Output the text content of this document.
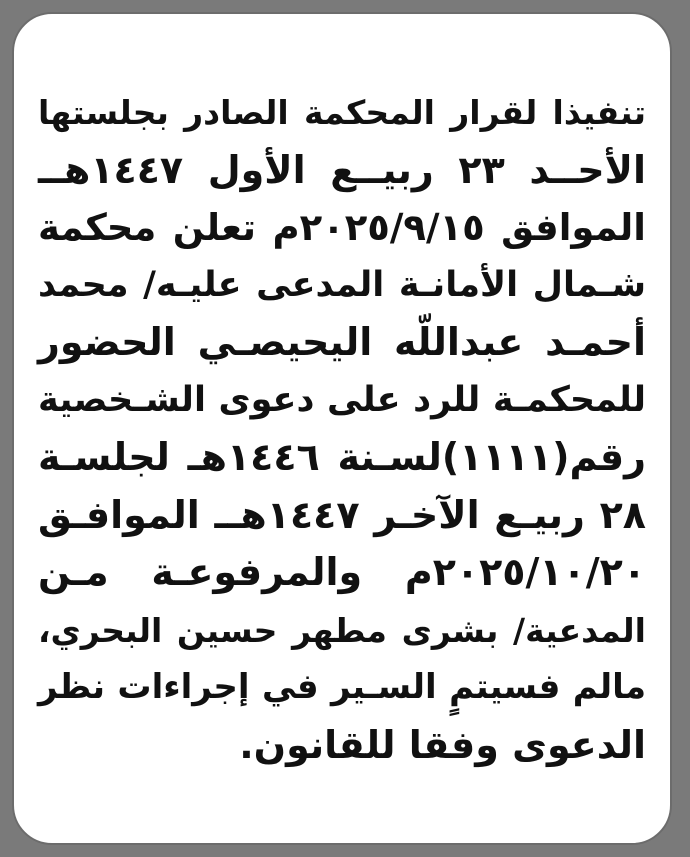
تنفيذا لقرار المحكمة الصادر بجلستها
الأحــد ٢٣ ربيــع الأول ١٤٤٧هــ
الموافق ٢٠٢٥/٩/١٥م تعلن محكمة
شـمال الأمانـة المدعى عليـه/ محمد
أحمـد عبداللّه اليحيصـي الحضور
للمحكمـة للرد على دعوى الشـخصية
رقم(١١١١)لسـنة ١٤٤٦هـ لجلسـة
٢٨ ربيـع الآخـر ١٤٤٧هــ الموافـق
٢٠٢٥/١٠/٢٠م والمرفوعـة مـن
المدعية/ بشرى مطهر حسين البحري،
مالم فسيتمٍ السـير في إجراءات نظر
الدعوى وفقا للقانون.
